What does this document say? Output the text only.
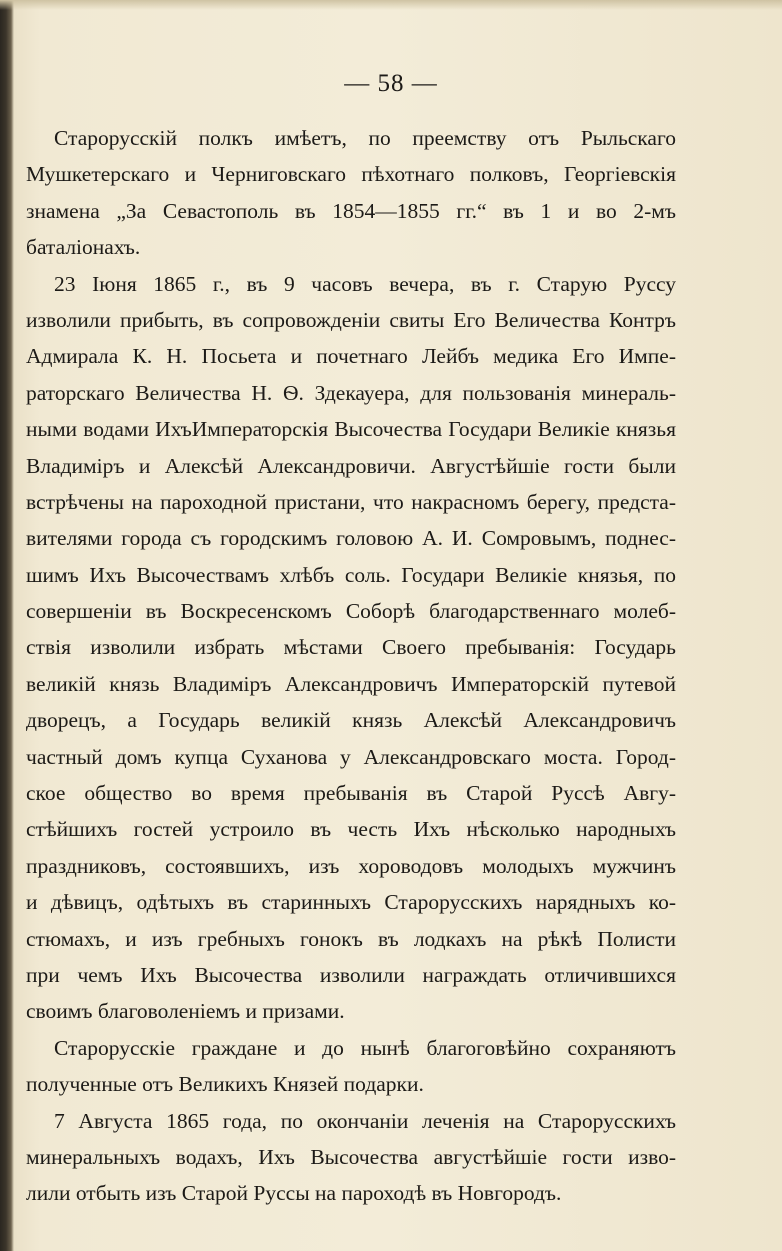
— 58 —
Старорусскій полкъ имѣетъ, по преемству отъ Рыльскаго
Мушкетерскаго и Черниговскаго пѣхотнаго полковъ, Георгіевскія
знамена „За Севастополь въ 1854—1855 гг.“ въ 1 и во 2-мъ
баталіонахъ.
23 Іюня 1865 г., въ 9 часовъ вечера, въ г. Старую Руссу
изволили прибыть, въ сопровожденіи свиты Его Величества Контръ
Адмирала К. Н. Посьета и почетнаго Лейбъ медика Его Импе-
раторскаго Величества Н. Ѳ. Здекауера, для пользованія минераль-
ными водами ИхъИмператорскія Высочества Государи Великіе князья
Владиміръ и Алексѣй Александровичи. Августѣйшіе гости были
встрѣчены на пароходной пристани, что накрасномъ берегу, предста-
вителями города съ городскимъ головою А. И. Сомровымъ, поднес-
шимъ Ихъ Высочествамъ хлѣбъ соль. Государи Великіе князья, по
совершеніи въ Воскресенскомъ Соборѣ благодарственнаго молеб-
ствія изволили избрать мѣстами Своего пребыванія: Государь
великій князь Владиміръ Александровичъ Императорскій путевой
дворецъ, а Государь великій князь Алексѣй Александровичъ
частный домъ купца Суханова у Александровскаго моста. Город-
ское общество во время пребыванія въ Старой Руссѣ Авгу-
стѣйшихъ гостей устроило въ честь Ихъ нѣсколько народныхъ
праздниковъ, состоявшихъ, изъ хороводовъ молодыхъ мужчинъ
и дѣвицъ, одѣтыхъ въ старинныхъ Старорусскихъ нарядныхъ ко-
стюмахъ, и изъ гребныхъ гонокъ въ лодкахъ на рѣкѣ Полисти
при чемъ Ихъ Высочества изволили награждать отличившихся
своимъ благоволеніемъ и призами.
Старорусскіе граждане и до нынѣ благоговѣйно сохраняютъ
полученные отъ Великихъ Князей подарки.
7 Августа 1865 года, по окончаніи леченія на Старорусскихъ
минеральныхъ водахъ, Ихъ Высочества августѣйшіе гости изво-
лили отбыть изъ Старой Руссы на пароходѣ въ Новгородъ.
